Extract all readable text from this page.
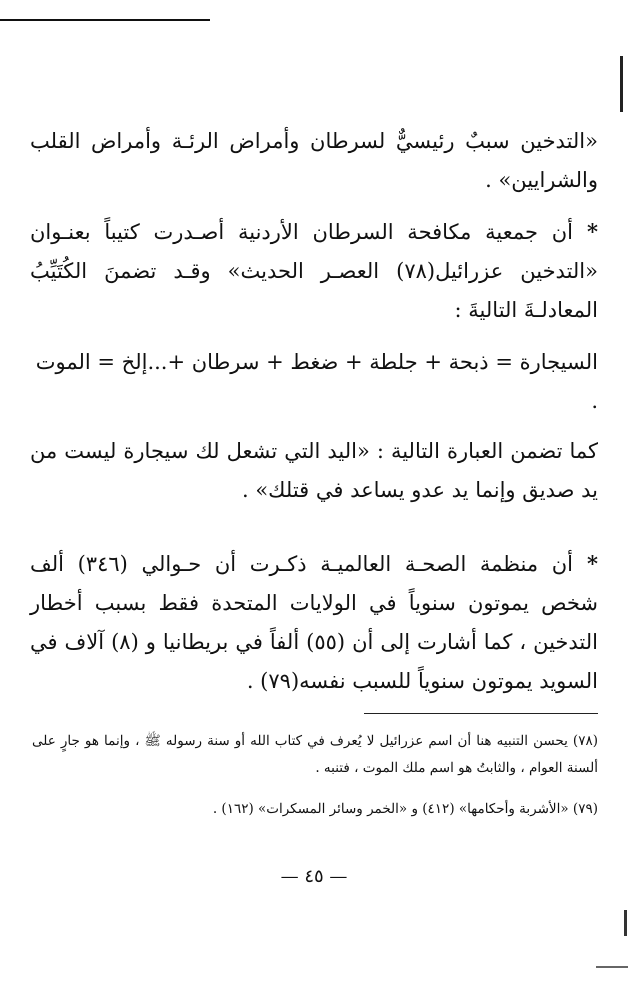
«التدخين سببٌ رئيسيٌّ لسرطان وأمراض الرئـة وأمراض القلب والشرايين» .

*أن جمعية مكافحة السرطان الأردنية أصـدرت كتيباً بعنـوان «التدخين عزرائيل(٧٨) العصـر الحديث» وقـد تضمنَ الكُتَيِّبُ المعادلـةَ التاليةَ :

السيجارة = ذبحة + جلطة + ضغط + سرطان +...إلخ = الموت .

كما تضمن العبارة التالية : «اليد التي تشعل لك سيجارة ليست من يد صديق وإنما يد عدو يساعد في قتلك» .

*أن منظمة الصحـة العالميـة ذكـرت أن حـوالي (٣٤٦) ألف شخص يموتون سنوياً في الولايات المتحدة فقط بسبب أخطار التدخين ، كما أشارت إلى أن (٥٥) ألفاً في بريطانيا و (٨) آلاف في السويد يموتون سنوياً للسبب نفسه(٧٩) .

(٧٨) يحسن التنبيه هنا أن اسم عزرائيل لا يُعرف في كتاب الله أو سنة رسوله ﷺ ، وإنما هو جارٍ على ألسنة العوام ، والثابتُ هو اسم ملك الموت ، فتنبه .

(٧٩) «الأشربة وأحكامها» (٤١٢) و «الخمر وسائر المسكرات» (١٦٢) .

— ٤٥ —
